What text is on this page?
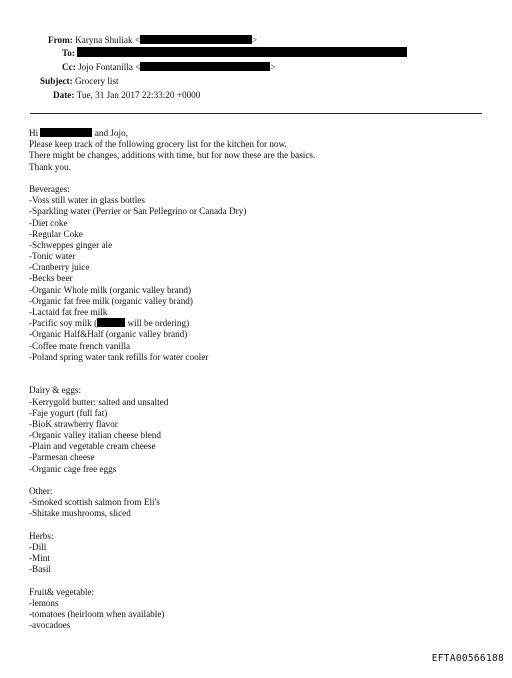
From: Karyna Shuliak <	>
To:
Cc: Jojo Fontanilla <	>
Subject: Grocery list
Date: Tue, 31 Jan 2017 22:33:20 +0000
Hi	and Jojo,
Please keep track of the following grocery list for the kitchen for now.
There might be changes, additions with time, but for now these are the basics.
Thank you.
Beverages:
-Voss still water in glass bottles
-Sparkling water (Perrier or San Pellegrino or Canada Dry)
-Diet coke
-Regular Coke
-Schweppes ginger ale
-Tonic water
-Cranberry juice
-Becks beer
-Organic Whole milk (organic valley brand)
-Organic fat free milk (organic valley brand)
-Lactaid fat free milk
-Pacific soy milk (	will be ordering)
-Organic Half&Half (organic valley brand)
-Coffee mate french vanilla
-Poland spring water tank refills for water cooler
Dairy & eggs:
-Kerrygold butter: salted and unsalted
-Faje yogurt (full fat)
-BioK strawberry flavor
-Organic valley italian cheese blend
-Plain and vegetable cream cheese
-Parmesan cheese
-Organic cage free eggs
Other:
-Smoked scottish salmon from Eli's
-Shitake mushrooms, sliced
Herbs:
-Dill
-Mint
-Basil
Fruit& vegetable:
-lemons
-tomatoes (heirloom when available)
-avocadoes
EFTA00566188
